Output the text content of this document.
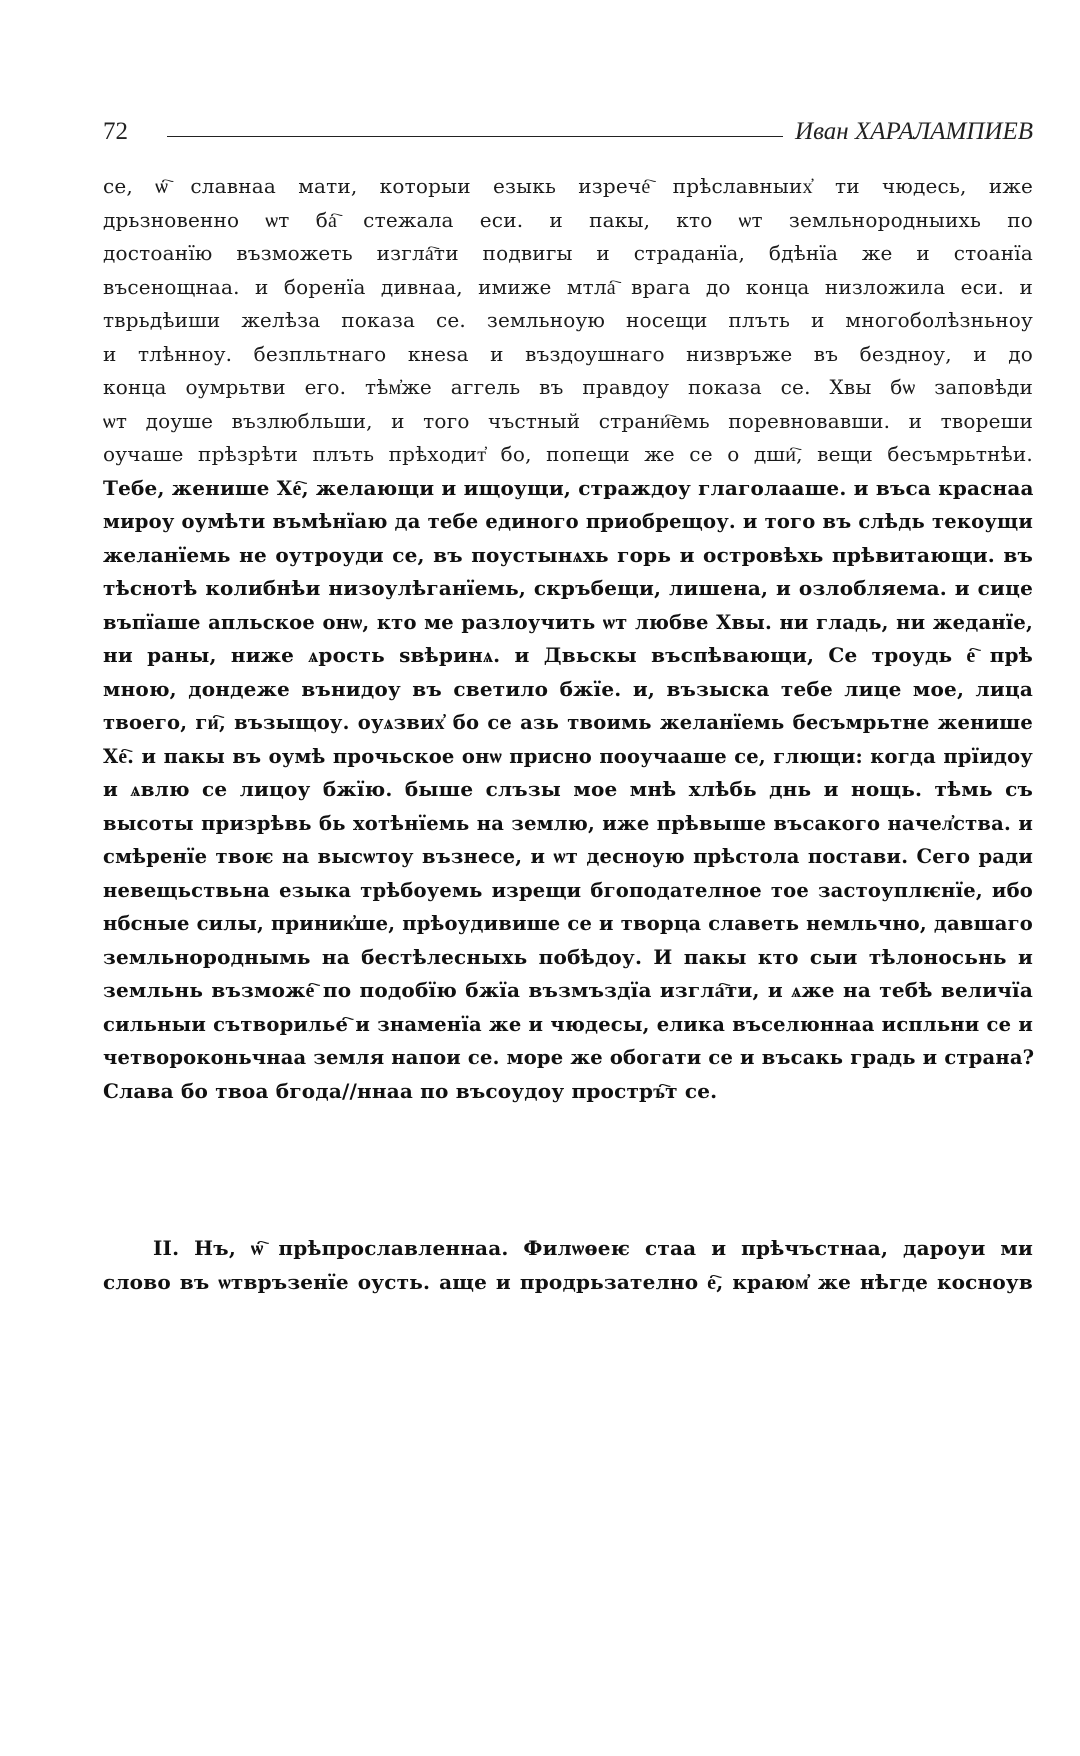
72	Иван ХАРАЛАМПИЕВ
се, ѡ҇ славнаа мати, которыи езыкь изрече҇ прѣславныих҆ ти чюдесь, иже
дрьзновенно ѡт ба҇ стежала еси. и пакы, кто ѡт земльнородныихь по
достоанїю възможеть изгла҇ти подвигы и страданїа, бдѣнїа же и стоанїа
въсенощнаа. и боренїа дивнаа, имиже мтла҇ врага до конца низложила еси. и
тврьдѣиши желѣза показа се. земльноую носещи плъть и многоболѣзньноу
и тлѣнноу. безпльтнаго кнеѕа и въздоушнаго низвръже въ безднoу, и до
конца оумрьтви его. тѣм҆же аггель въ правдоу показа се. Хвы бѡ заповѣди
ѡт доуше възлюбльши, и того чъстный страни҇емь поревновавши. и твореши
оучаше прѣзрѣти плъть прѣходит҆ бо, попещи же се о дши҇, вещи бесъмрьтнѣи.
Тебе, женише Хе҇, желающи и ищоущи, страждоу глаголааше. и въса краснаа
мироу оумѣти въмѣнїаю да тебе единого приобрещоу. и того въ слѣдь текоущи
желанїемь не оутроуди се, въ поустынѧхь горь и островѣхь прѣвитающи. въ
тѣснотѣ колибнѣи низоулѣганїемь, скръбещи, лишена, и озлобляема. и сице
въпїаше апльское онѡ, кто ме разлоучить ѡт любве Хвы. ни гладь, ни жеданїе,
ни раны, ниже ѧрость ѕвѣринѧ. и Двьскы въспѣвающи, Се троудь е҇ прѣ
мною, дондеже вънидоу въ светило бжїе. и, възыска тебе лице мое, лица
твоего, ги҇, възыщоу. оуѧзвих҆ бо се азь твоимь желанїемь бесъмрьтне женише
Хе҇. и пакы въ оумѣ прочьское онѡ присно поoучааше се, глющи: когда прїидоу
и ѧвлю се лицоу бжїю. быше слъзы мое мнѣ хлѣбь днь и нощь. тѣмь съ
высоты призрѣвь бь хотѣнїемь на землю, иже прѣвыше въсакого начел҆ства. и
смѣренїе твоѥ на высѡтоу възнесе, и ѡт десноую прѣстола постави. Сего ради
невещьствьна езыка трѣбоуемь изрещи бгоподателное тое застоуплѥнїе, ибо
нбсные силы, приник҆ше, прѣоудивише се и творца славеть немльчно, давшаго
земльнороднымь на бестѣлесныхь побѣдоу. И пакы кто сыи тѣлоносьнь и
земльнь възможе҇ по подобїю бжїа възмъздїа изгла҇ти, и ѧже на тебѣ величїа
сильныи сътворильe҇ и знаменїа же и чюдесы, елика въселюннаа испльни се и
четвороконьчнаа земля напои се. море же обогати се и въсакь градь и страна?
Слава бо твоа бгода//ннаа по въсоудоу простръ҇т се.
II. Нъ, ѡ҇ прѣпрославленнаа. Филѡѳеѥ стаа и прѣчъстнаа, дароуи ми
слово въ ѡтвръзенїе оусть. аще и продрьзателно е҇, краюм҆ же нѣгде косноув
